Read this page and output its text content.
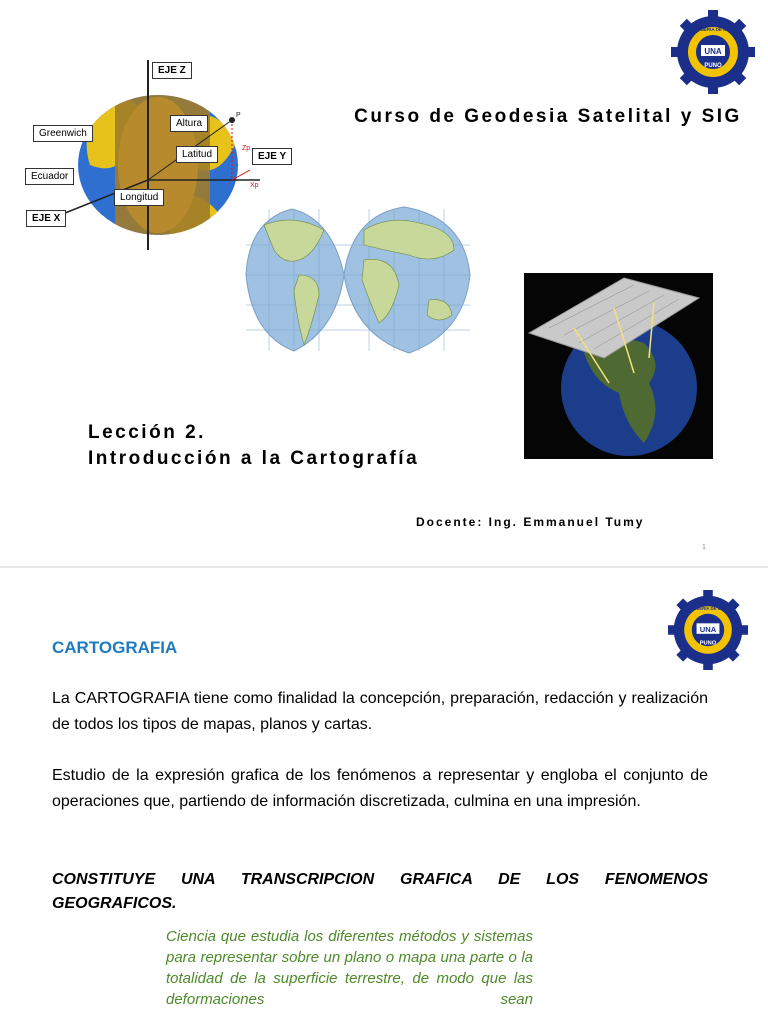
P
Zp
Xp
EJE Z
Greenwich
Altura
Latitud	EJE Y
Ecuador
Longitud
EJE X
UNA
PUNO
INGENIERIA DE MINAS
Curso de Geodesia Satelital y SIG
Lección 2.
Introducción a la Cartografía
Docente: Ing. Emmanuel Tumy
1
UNA
PUNO
INGENIERIA DE MINAS
CARTOGRAFIA
La CARTOGRAFIA tiene como finalidad la concepción, preparación, redacción y realización de todos los tipos de mapas, planos y cartas.
Estudio de la expresión grafica de los fenómenos a representar y engloba el conjunto de operaciones que, partiendo de información discretizada, culmina en una impresión.
CONSTITUYE UNA TRANSCRIPCION GRAFICA DE LOS FENOMENOS GEOGRAFICOS.
Ciencia que estudia los diferentes métodos y sistemas para representar sobre un plano o mapa una parte o la totalidad de la superficie terrestre, de modo que las deformaciones sean
